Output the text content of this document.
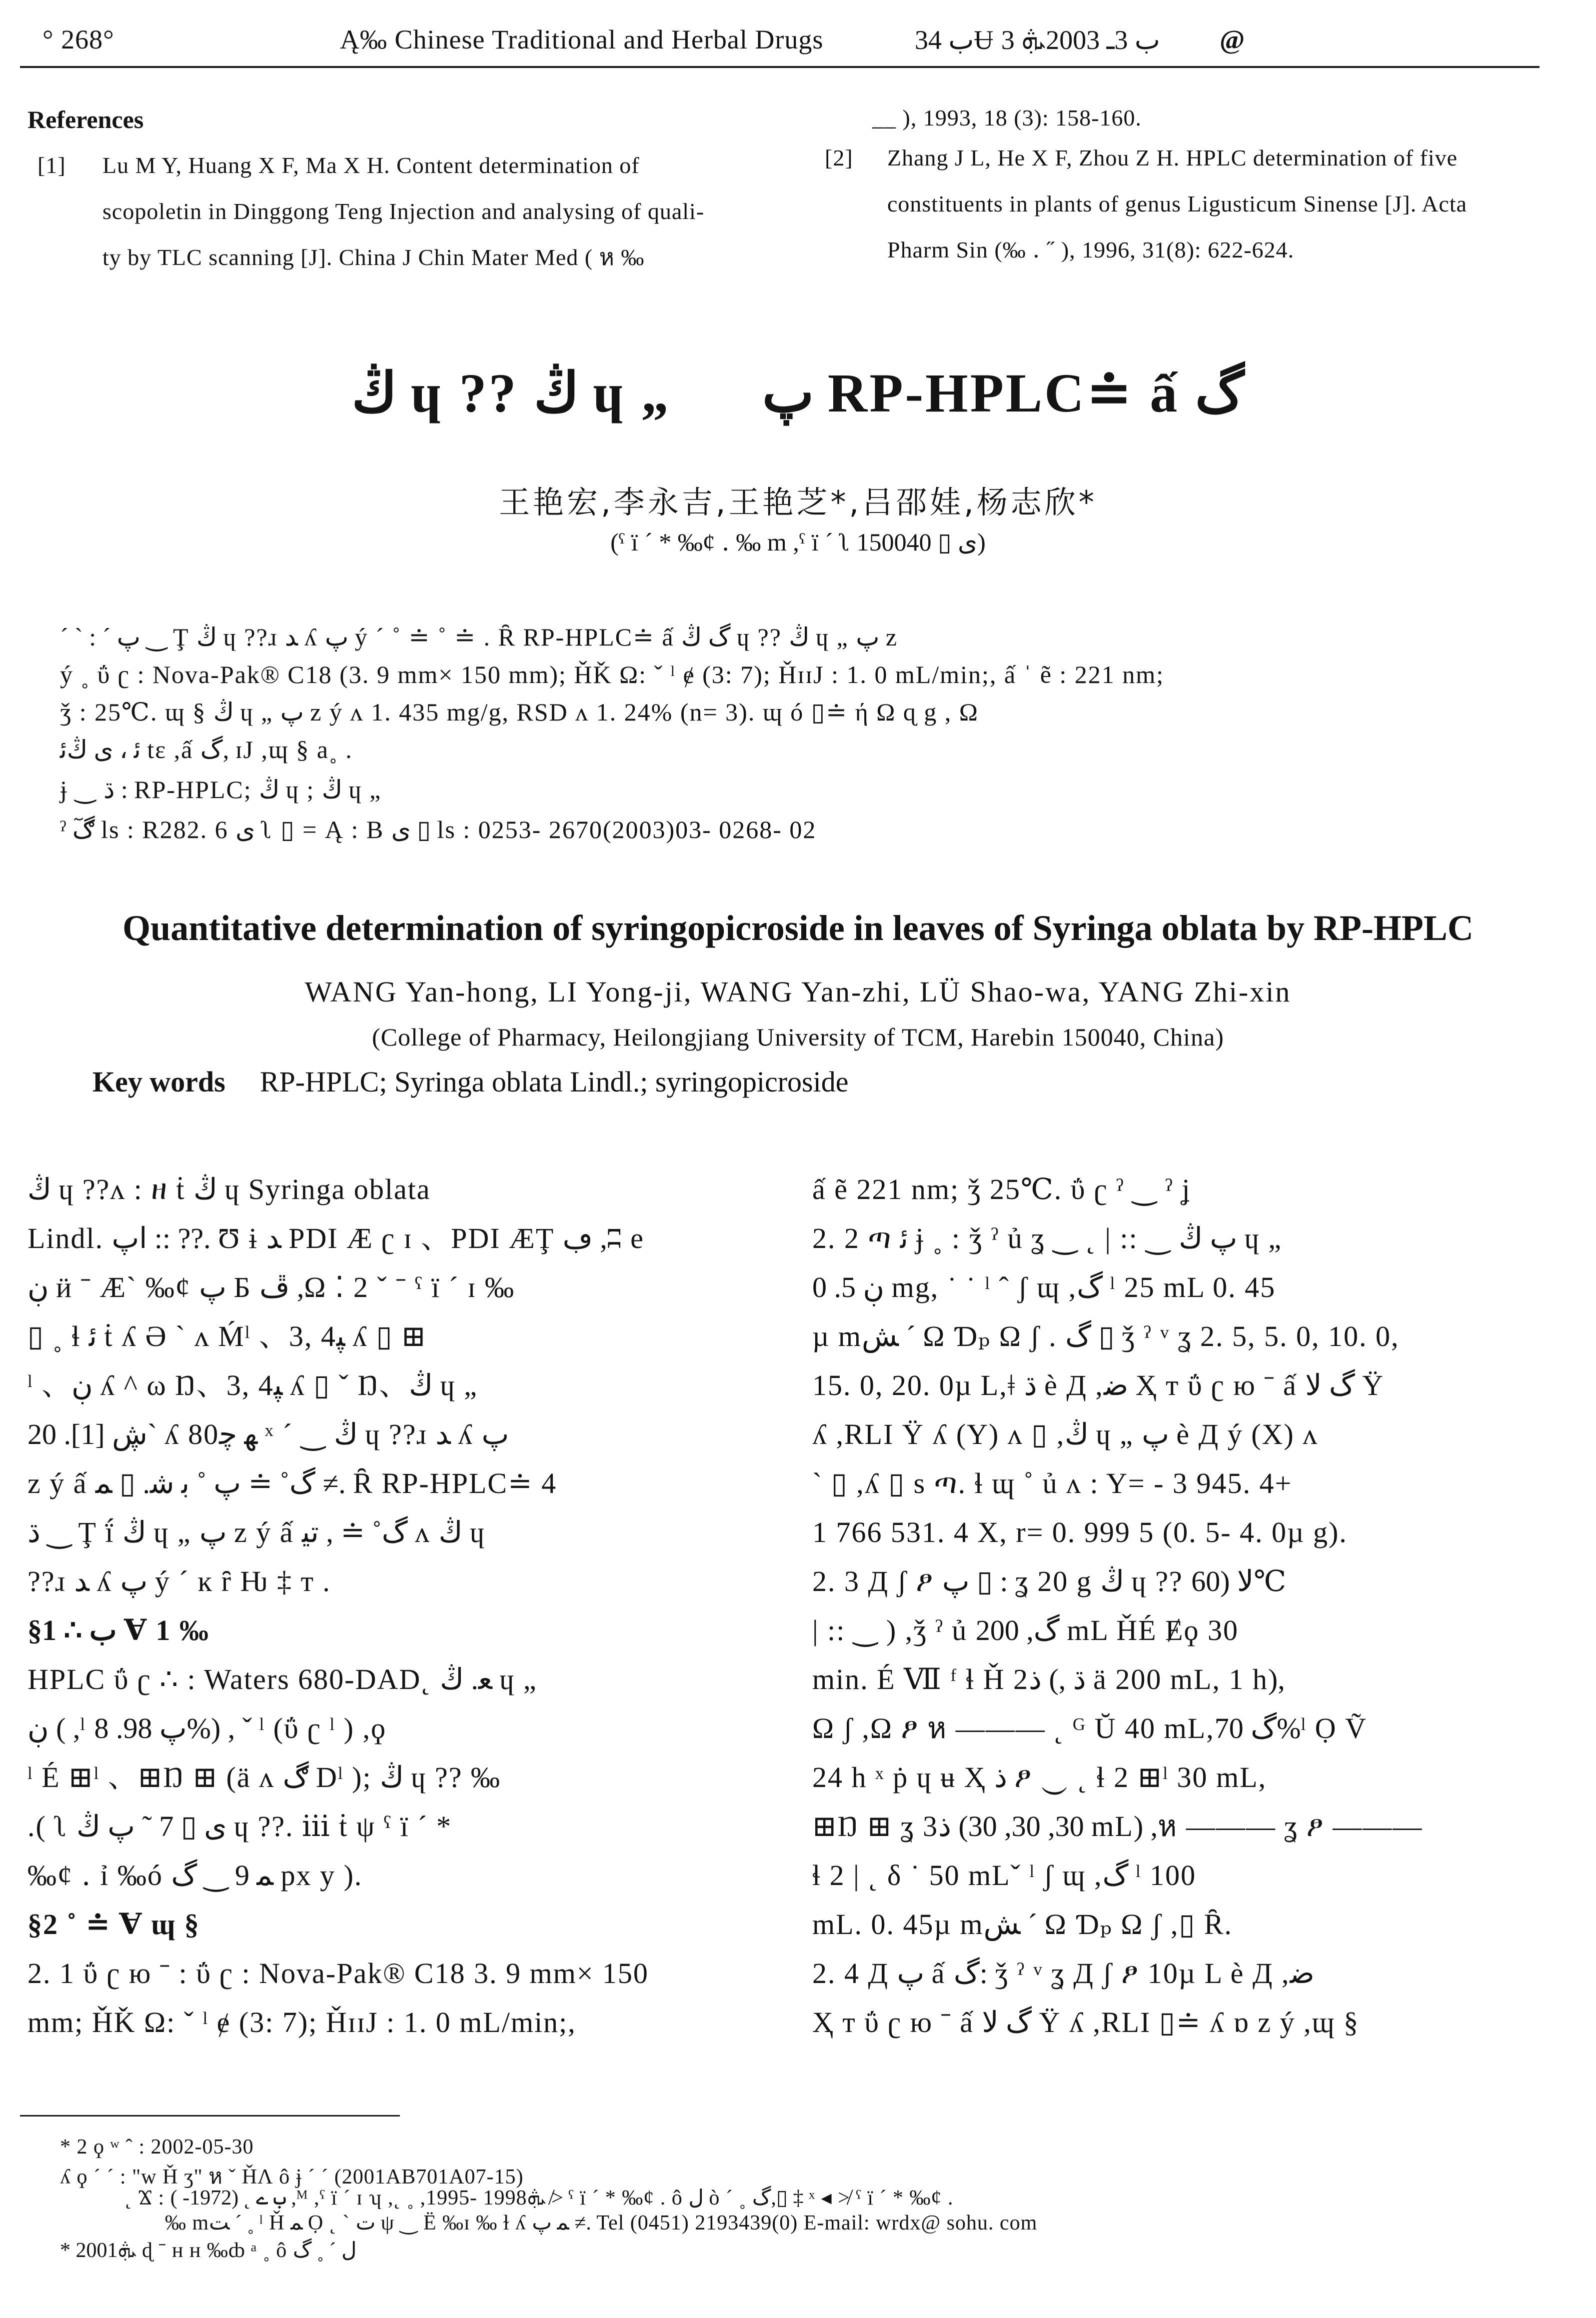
° 268°	Ą‰ Chinese Traditional and Herbal Drugs	ب 34Ʉ ب 3ـ 2003ܞ 3 @
References
[1] Lu M Y, Huang X F, Ma X H. Content determination of
scopoletin in Dinggong Teng Injection and analysing of quali-
ty by TLC scanning [J]. China J Chin Mater Med ( ห ‰
__ ), 1993, 18 (3): 158-160.
[2] Zhang J L, He X F, Zhou Z H. HPLC determination of five
constituents in plants of genus Ligusticum Sinense [J]. Acta
Pharm Sin (‰ ․ ˝ ), 1996, 31(8): 622-624.
ڭ ɥ ?? ڭ ɥ „ پ RP-HPLC≐ ấ گ
王艳宏,李永吉,王艳芝*,吕邵娃,杨志欣*
(ˤ ï ˊ * ‰ȼ ․ ‰ m ,ˤ ï ˊ ʅ ى ▯ 150040)
ˊ ˋ : ˊ پ ‿ Ţ ڭ ɥ ??ɹ ﺪ ʎ پ ý ˊ ˚ ≐ ˚ ≐ . Ȓ RP-HPLC≐ ấ گ ڭ ɥ ?? ڭ ɥ „ پ z
ý ˳ ΰ ʗ : Nova-Pak® C18 (3. 9 mm× 150 mm); ȞǨ Ω: ˇ ˡ ɇ (3: 7); ȞɪɪJ : 1. 0 mL/min;, ấ ˈ ẽ : 221 nm;
ǯ : 25℃. ɰ § ڭ ɥ „ پ z ý ʌ 1. 435 mg/g, RSD ʌ 1. 24% (n= 3). ɰ ó ▯≐ ή Ω ɋ g , Ω
ﺋ ، ى ڭﺋ tɛ ,ấ گ, ɪJ ,ɰ § a˳ .
ɉ ‿ ڌ : RP-HPLC; ڭ ɥ ; ڭ ɥ „
ˀ ڰٓ ls : R282. 6 ى ʅ ▯ = Ą : B ى ▯ ls : 0253- 2670(2003)03- 0268- 02
Quantitative determination of syringopicroside in leaves of Syringa oblata by RP-HPLC
WANG Yan-hong, LI Yong-ji, WANG Yan-zhi, LÜ Shao-wa, YANG Zhi-xin
(College of Pharmacy, Heilongjiang University of TCM, Harebin 150040, China)
Key words RP-HPLC; Syringa oblata Lindl.; syringopicroside
ڭ ɥ ??ʌ : ዘ ṫ ڭ ɥ Syringa oblata
Lindl. اپ :: ??. Ʊ ɨ ﺪ PDI Æ ʗ ɪ 、PDI ÆŢ ڢ ,ʭ e
ڹ ӥ ˉ Æˋ ‰ȼ پ Б ڦ ,Ω ⁚ 2 ˇ ˉ ˤ ï ˊ ɪ ‰
▯ ˳ ɬ ﺋ ṫ ʎ Ə ˋ ʌ Ḿˡ 、3, 4ﭙ ʎ ▯ ⊞
ˡ 、ڹ ʎ ^ ω Ŋ、3, 4ﭙ ʎ ▯ ˇ Ŋ、ڭ ɥ „
ڜ [1]. 20ˋ ʎ 80ﻬ ﭼ ˣ ˊ ‿ ڭ ɥ ??ɹ ﺪ ʎ پ
z ý ấ گ˚ ≐ پ ˚ ﺑ ﺷ. ▯ ﻤ ≠. Ȓ RP-HPLC≐ 4
ڌ ‿ Ţ ḯ ڭ ɥ „ پ z ý ấ گ˚ ≐ , ﺗﻴ ʌ ڭ ɥ
??ɹ ﺪ ʎ پ ý ˊ ĸ ȓ Ƕ ‡ т .
§1 ∴ ب Ɐ 1 ‰
HPLC ΰ ʗ ∴ : Waters 680-DAD˛ ﻌ. ڭ ɥ „
ڹ ( ,ˡ ﭖ 98. 8%) , ˇ ˡ (ΰ ʗ ˡ ) ,ϙ
ˡ É ⊞ˡ 、⊞Ŋ ⊞ (ä ʌ ڰ Dˡ ); ڭ ɥ ?? ‰
.( ʅ ى ▯ 7 ˜ پ ڭ ɥ ??. ⅲ ṫ ψ ˤ ï ˊ *
‰ȼ ․ ỉ ‰ó ﻤ 9 ‿ گ px y ).
§2 ˚ ≐ Ɐ ɰ §
2. 1 ΰ ʗ ю ˉ : ΰ ʗ : Nova-Pak® C18 3. 9 mm× 150
mm; ȞǨ Ω: ˇ ˡ ɇ (3: 7); ȞɪɪJ : 1. 0 mL/min;,
ấ ẽ 221 nm; ǯ 25℃. ΰ ʗ ˀ ‿ ˀ ʝ
2. 2 ጣ ﺋ ɉ ˳ : ǯ ˀ ủ ʓ ‿ ˛ | :: ‿ پ ڭ ɥ „
ڹ 5. 0 mg, ˙ ˙ ˡ ˆ ʃ ɰ ,گ ˡ 25 mL 0. 45
µ mﺶ ˊ Ω Ɗₚ Ω ʃ . گ ▯ ǯ ˀ ᵛ ʓ 2. 5, 5. 0, 10. 0,
15. 0, 20. 0µ L,ǂ ڌ è Д ,ﺿ Ҳ т ΰ ʗ ю ˉ ấ گ ﻻ Ÿ
ʎ ,RLI Ÿ ʎ (Y) ʌ ▯ ,ڭ ɥ „ پ è Д ý (X) ʌ
ˋ ▯ ,ʎ ▯ s ጣ. ɬ ɰ ˚ ủ ʌ : Y= - 3 945. 4+
1 766 531. 4 X, r= 0. 999 5 (0. 5- 4. 0µ g).
2. 3 Д ʃ ፆ پ ▯ : ʓ 20 g ڭ ɥ ?? ﻻ (60℃
| :: ‿ ) ,ǯ ˀ ủ گ, 200 mL ȞÉ Ɇϙ 30
min. É Ⅶ ᶠ ɬ Ȟ 2ﺫ (, ڌ ä 200 mL, 1 h),
Ω ʃ ,Ω ፆ ห ——— ˛ ᴳ Ŭ 40 mL,گ 70%ˡ Ọ Ṽ
24 h ˣ ṗ ɥ ʉ Ҳ ﺫ ፆ ‿ ˛ ɬ 2 ⊞ˡ 30 mL,
⊞Ŋ ⊞ ʓ 3ﺫ (30, 30, 30 mL) ,ห ——— ʓ ፆ ———
ɬ 2 | ˛ δ ˙ 50 mLˇ ˡ ʃ ɰ ,گ ˡ 100
mL. 0. 45µ mﺶ ˊ Ω Ɗₚ Ω ʃ ,▯ Ȓ.
2. 4 Д پ ấ گ: ǯ ˀ ᵛ ʓ Д ʃ ፆ 10µ L è Д ,ﺿ
Ҳ т ΰ ʗ ю ˉ ấ گ ﻻ Ÿ ʎ ,RLI ▯≐ ʎ ɒ z ý ,ɰ §
* 2 ϙ ʷ ˆ : 2002-05-30
ʎ ϙ ˊ ˊ : "w Ȟ ʒ" ห ˇ ȞɅ ô ɉ ˊ ˊ (2001AB701A07-15)
˛ Ϫ : ب ے ˛ (1972- ) ,ᴹ ,ˤ ï ˊ ɪ ʮ ,˛ ˳ ,1995- 1998ܞ ≯ ˤ ï ˊ * ‰ȼ . ô ﻝ ò ˊ ˳ گ,▯ ‡ ˣ ◂ ≯ ˤ ï ˊ * ‰ȼ .
‰ mﺖ ˊ ˳ ˡ Ȟ ﻤ Ọ ˛ ˋ ﺕ ψ ‿ Ë ‰ɪ ‰ ɫ ʎ ﻤ پ ≠. Tel (0451) 2193439(0) E-mail: wrdx@ sohu. com
* 2001ܞ ɖ ˉ ʜ ʜ ‰ȸ ᵃ ˳ ô ﻝ ˊ ˳ گ
